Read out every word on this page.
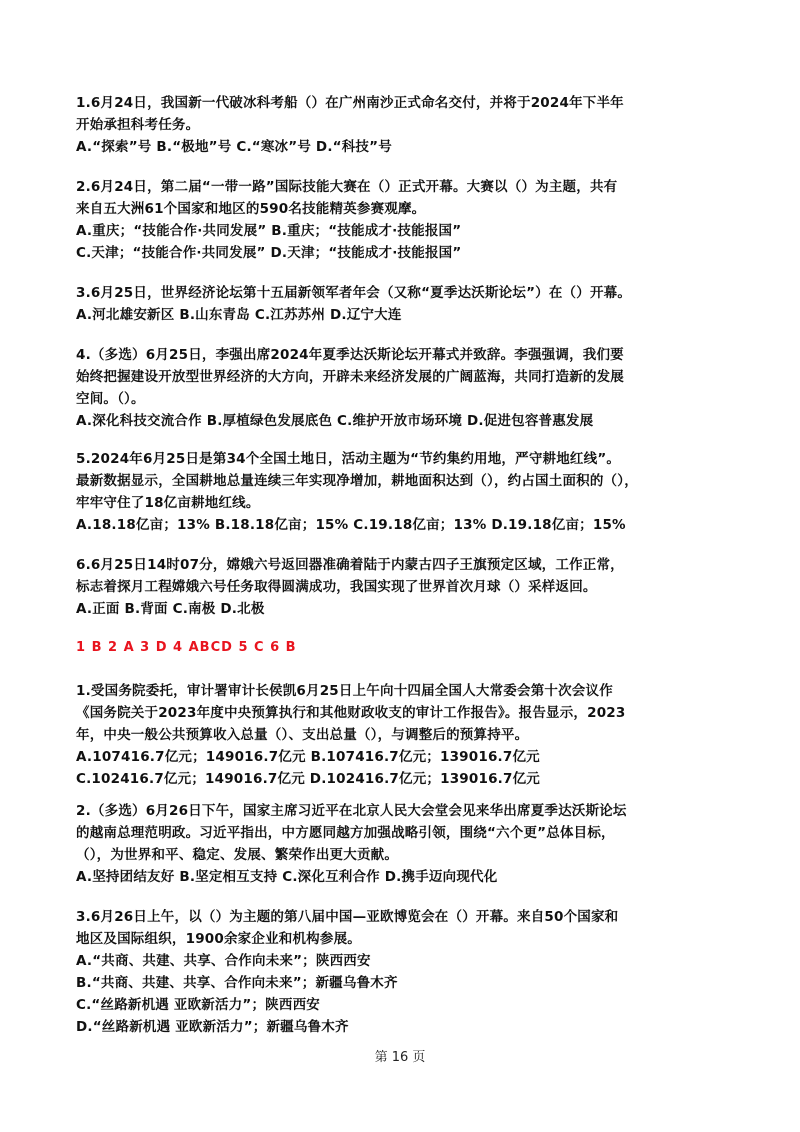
1.6月24日，我国新一代破冰科考船（）在广州南沙正式命名交付，并将于2024年下半年
开始承担科考任务。
A.“探索”号 B.“极地”号 C.“寒冰”号 D.“科技”号
2.6月24日，第二届“一带一路”国际技能大赛在（）正式开幕。大赛以（）为主题，共有
来自五大洲61个国家和地区的590名技能精英参赛观摩。
A.重庆；“技能合作·共同发展” B.重庆；“技能成才·技能报国”
C.天津；“技能合作·共同发展” D.天津；“技能成才·技能报国”
3.6月25日，世界经济论坛第十五届新领军者年会（又称“夏季达沃斯论坛”）在（）开幕。
A.河北雄安新区 B.山东青岛 C.江苏苏州 D.辽宁大连
4.（多选）6月25日，李强出席2024年夏季达沃斯论坛开幕式并致辞。李强强调，我们要
始终把握建设开放型世界经济的大方向，开辟未来经济发展的广阔蓝海，共同打造新的发展
空间。（）。
A.深化科技交流合作 B.厚植绿色发展底色 C.维护开放市场环境 D.促进包容普惠发展
5.2024年6月25日是第34个全国土地日，活动主题为“节约集约用地，严守耕地红线”。
最新数据显示，全国耕地总量连续三年实现净增加，耕地面积达到（），约占国土面积的（），
牢牢守住了18亿亩耕地红线。
A.18.18亿亩；13% B.18.18亿亩；15% C.19.18亿亩；13% D.19.18亿亩；15%
6.6月25日14时07分，嫦娥六号返回器准确着陆于内蒙古四子王旗预定区域，工作正常，
标志着探月工程嫦娥六号任务取得圆满成功，我国实现了世界首次月球（）采样返回。
A.正面 B.背面 C.南极 D.北极
1 B 2 A 3 D 4 ABCD 5 C 6 B
1.受国务院委托，审计署审计长侯凯6月25日上午向十四届全国人大常委会第十次会议作
《国务院关于2023年度中央预算执行和其他财政收支的审计工作报告》。报告显示，2023
年，中央一般公共预算收入总量（）、支出总量（），与调整后的预算持平。
A.107416.7亿元；149016.7亿元 B.107416.7亿元；139016.7亿元
C.102416.7亿元；149016.7亿元 D.102416.7亿元；139016.7亿元
2.（多选）6月26日下午，国家主席习近平在北京人民大会堂会见来华出席夏季达沃斯论坛
的越南总理范明政。习近平指出，中方愿同越方加强战略引领，围绕“六个更”总体目标，
（），为世界和平、稳定、发展、繁荣作出更大贡献。
A.坚持团结友好 B.坚定相互支持 C.深化互利合作 D.携手迈向现代化
3.6月26日上午，以（）为主题的第八届中国—亚欧博览会在（）开幕。来自50个国家和
地区及国际组织，1900余家企业和机构参展。
A.“共商、共建、共享、合作向未来”；陕西西安
B.“共商、共建、共享、合作向未来”；新疆乌鲁木齐
C.“丝路新机遇 亚欧新活力”；陕西西安
D.“丝路新机遇 亚欧新活力”；新疆乌鲁木齐
第 16 页
